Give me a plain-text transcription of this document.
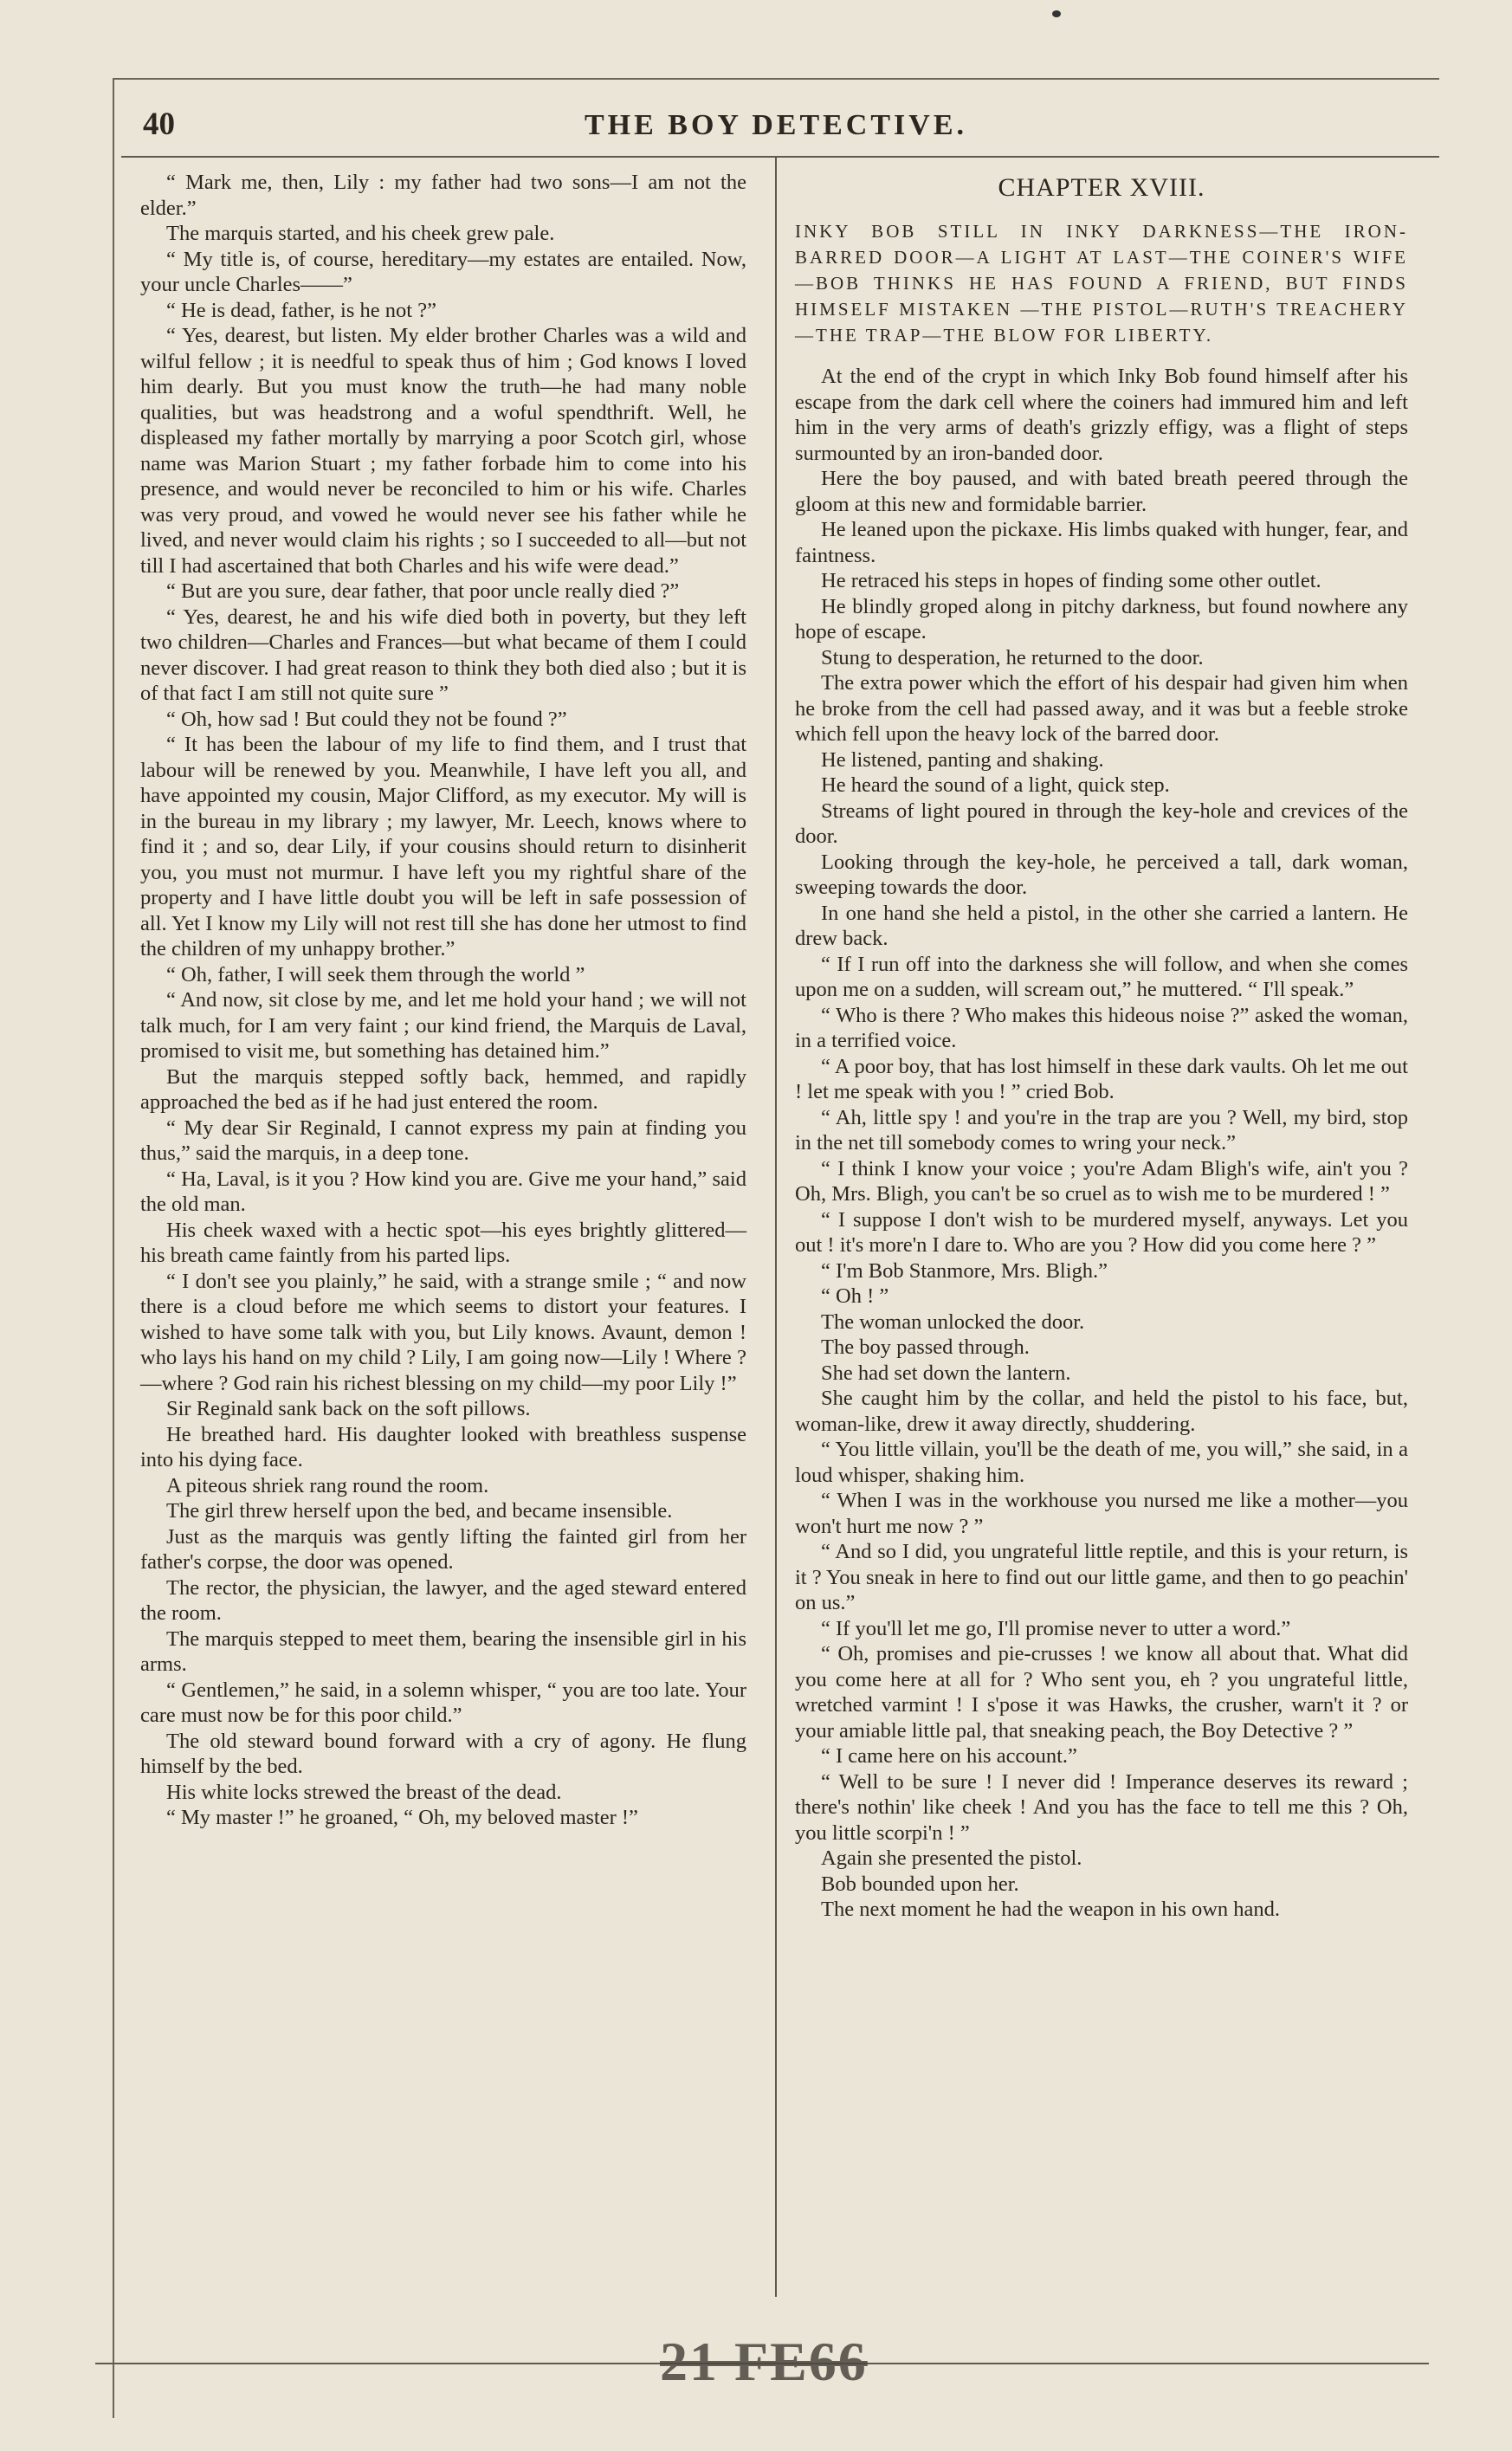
40	THE BOY DETECTIVE.

“ Mark me, then, Lily : my father had two sons—I am not the elder.”

The marquis started, and his cheek grew pale.

“ My title is, of course, hereditary—my estates are entailed. Now, your uncle Charles——”

“ He is dead, father, is he not ?”

“ Yes, dearest, but listen. My elder brother Charles was a wild and wilful fellow ; it is needful to speak thus of him ; God knows I loved him dearly. But you must know the truth—he had many noble qualities, but was headstrong and a woful spendthrift. Well, he displeased my father mortally by marrying a poor Scotch girl, whose name was Marion Stuart ; my father forbade him to come into his presence, and would never be reconciled to him or his wife. Charles was very proud, and vowed he would never see his father while he lived, and never would claim his rights ; so I succeeded to all—but not till I had ascertained that both Charles and his wife were dead.”

“ But are you sure, dear father, that poor uncle really died ?”

“ Yes, dearest, he and his wife died both in poverty, but they left two children—Charles and Frances—but what became of them I could never discover. I had great reason to think they both died also ; but it is of that fact I am still not quite sure ”

“ Oh, how sad ! But could they not be found ?”

“ It has been the labour of my life to find them, and I trust that labour will be renewed by you. Meanwhile, I have left you all, and have appointed my cousin, Major Clifford, as my executor. My will is in the bureau in my library ; my lawyer, Mr. Leech, knows where to find it ; and so, dear Lily, if your cousins should return to disinherit you, you must not murmur. I have left you my rightful share of the property and I have little doubt you will be left in safe possession of all. Yet I know my Lily will not rest till she has done her utmost to find the children of my unhappy brother.”

“ Oh, father, I will seek them through the world ”

“ And now, sit close by me, and let me hold your hand ; we will not talk much, for I am very faint ; our kind friend, the Marquis de Laval, promised to visit me, but something has detained him.”

But the marquis stepped softly back, hemmed, and rapidly approached the bed as if he had just entered the room.

“ My dear Sir Reginald, I cannot express my pain at finding you thus,” said the marquis, in a deep tone.

“ Ha, Laval, is it you ? How kind you are. Give me your hand,” said the old man.

His cheek waxed with a hectic spot—his eyes brightly glittered—his breath came faintly from his parted lips.

“ I don't see you plainly,” he said, with a strange smile ; “ and now there is a cloud before me which seems to distort your features. I wished to have some talk with you, but Lily knows. Avaunt, demon ! who lays his hand on my child ? Lily, I am going now—Lily ! Where ?—where ? God rain his richest blessing on my child—my poor Lily !”

Sir Reginald sank back on the soft pillows.

He breathed hard. His daughter looked with breathless suspense into his dying face.

A piteous shriek rang round the room.

The girl threw herself upon the bed, and became insensible.

Just as the marquis was gently lifting the fainted girl from her father's corpse, the door was opened.

The rector, the physician, the lawyer, and the aged steward entered the room.

The marquis stepped to meet them, bearing the insensible girl in his arms.

“ Gentlemen,” he said, in a solemn whisper, “ you are too late. Your care must now be for this poor child.”

The old steward bound forward with a cry of agony. He flung himself by the bed.

His white locks strewed the breast of the dead.

“ My master !” he groaned, “ Oh, my beloved master !”

CHAPTER XVIII.
INKY BOB STILL IN INKY DARKNESS—THE IRON-BARRED DOOR—A LIGHT AT LAST—THE COINER'S WIFE—BOB THINKS HE HAS FOUND A FRIEND, BUT FINDS HIMSELF MISTAKEN —THE PISTOL—RUTH'S TREACHERY—THE TRAP—THE BLOW FOR LIBERTY.

At the end of the crypt in which Inky Bob found himself after his escape from the dark cell where the coiners had immured him and left him in the very arms of death's grizzly effigy, was a flight of steps surmounted by an iron-banded door.

Here the boy paused, and with bated breath peered through the gloom at this new and formidable barrier.

He leaned upon the pickaxe. His limbs quaked with hunger, fear, and faintness.

He retraced his steps in hopes of finding some other outlet.

He blindly groped along in pitchy darkness, but found nowhere any hope of escape.

Stung to desperation, he returned to the door.

The extra power which the effort of his despair had given him when he broke from the cell had passed away, and it was but a feeble stroke which fell upon the heavy lock of the barred door.

He listened, panting and shaking.

He heard the sound of a light, quick step.

Streams of light poured in through the key-hole and crevices of the door.

Looking through the key-hole, he perceived a tall, dark woman, sweeping towards the door.

In one hand she held a pistol, in the other she carried a lantern. He drew back.

“ If I run off into the darkness she will follow, and when she comes upon me on a sudden, will scream out,” he muttered. “ I'll speak.”

“ Who is there ? Who makes this hideous noise ?” asked the woman, in a terrified voice.

“ A poor boy, that has lost himself in these dark vaults. Oh let me out ! let me speak with you ! ” cried Bob.

“ Ah, little spy ! and you're in the trap are you ? Well, my bird, stop in the net till somebody comes to wring your neck.”

“ I think I know your voice ; you're Adam Bligh's wife, ain't you ? Oh, Mrs. Bligh, you can't be so cruel as to wish me to be murdered ! ”

“ I suppose I don't wish to be murdered myself, anyways. Let you out ! it's more'n I dare to. Who are you ? How did you come here ? ”

“ I'm Bob Stanmore, Mrs. Bligh.”

“ Oh ! ”

The woman unlocked the door.

The boy passed through.

She had set down the lantern.

She caught him by the collar, and held the pistol to his face, but, woman-like, drew it away directly, shuddering.

“ You little villain, you'll be the death of me, you will,” she said, in a loud whisper, shaking him.

“ When I was in the workhouse you nursed me like a mother—you won't hurt me now ? ”

“ And so I did, you ungrateful little reptile, and this is your return, is it ? You sneak in here to find out our little game, and then to go peachin' on us.”

“ If you'll let me go, I'll promise never to utter a word.”

“ Oh, promises and pie-crusses ! we know all about that. What did you come here at all for ? Who sent you, eh ? you ungrateful little, wretched varmint ! I s'pose it was Hawks, the crusher, warn't it ? or your amiable little pal, that sneaking peach, the Boy Detective ? ”

“ I came here on his account.”

“ Well to be sure ! I never did ! Imperance deserves its reward ; there's nothin' like cheek ! And you has the face to tell me this ? Oh, you little scorpi'n ! ”

Again she presented the pistol.

Bob bounded upon her.

The next moment he had the weapon in his own hand.

21 FE66
